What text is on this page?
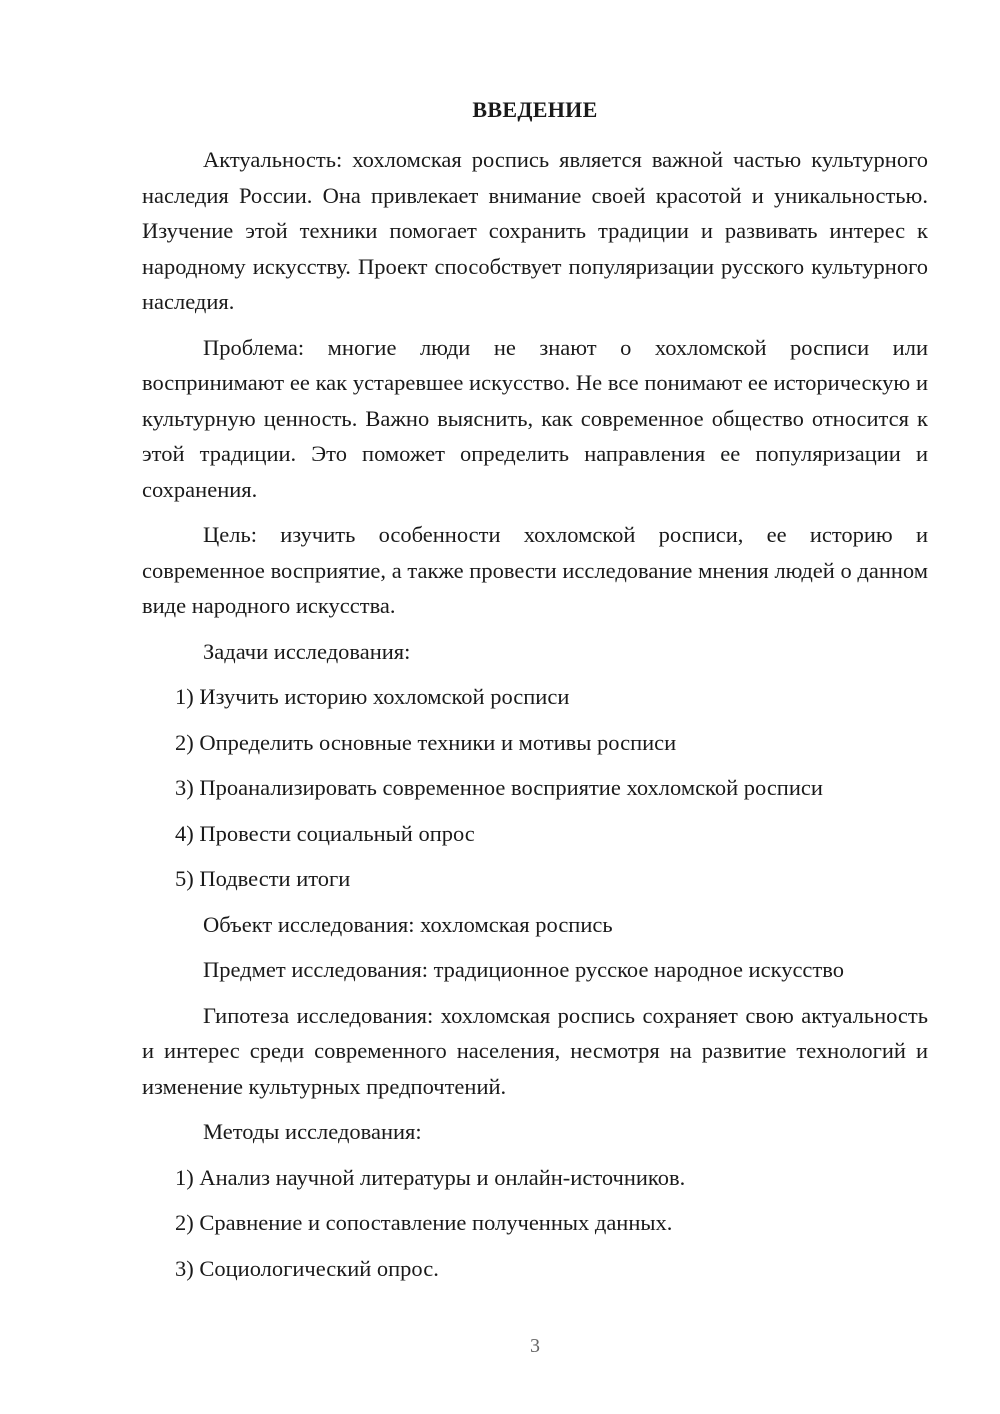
ВВЕДЕНИЕ

Актуальность: хохломская роспись является важной частью культурного наследия России. Она привлекает внимание своей красотой и уникальностью. Изучение этой техники помогает сохранить традиции и развивать интерес к народному искусству. Проект способствует популяризации русского культурного наследия.

Проблема: многие люди не знают о хохломской росписи или воспринимают ее как устаревшее искусство. Не все понимают ее историческую и культурную ценность. Важно выяснить, как современное общество относится к этой традиции. Это поможет определить направления ее популяризации и сохранения.

Цель: изучить особенности хохломской росписи, ее историю и современное восприятие, а также провести исследование мнения людей о данном виде народного искусства.

Задачи исследования:

1) Изучить историю хохломской росписи

2) Определить основные техники и мотивы росписи

3) Проанализировать современное восприятие хохломской росписи

4) Провести социальный опрос

5) Подвести итоги

Объект исследования: хохломская роспись

Предмет исследования: традиционное русское народное искусство

Гипотеза исследования: хохломская роспись сохраняет свою актуальность и интерес среди современного населения, несмотря на развитие технологий и изменение культурных предпочтений.

Методы исследования:

1) Анализ научной литературы и онлайн-источников.

2) Сравнение и сопоставление полученных данных.

3) Социологический опрос.

3
